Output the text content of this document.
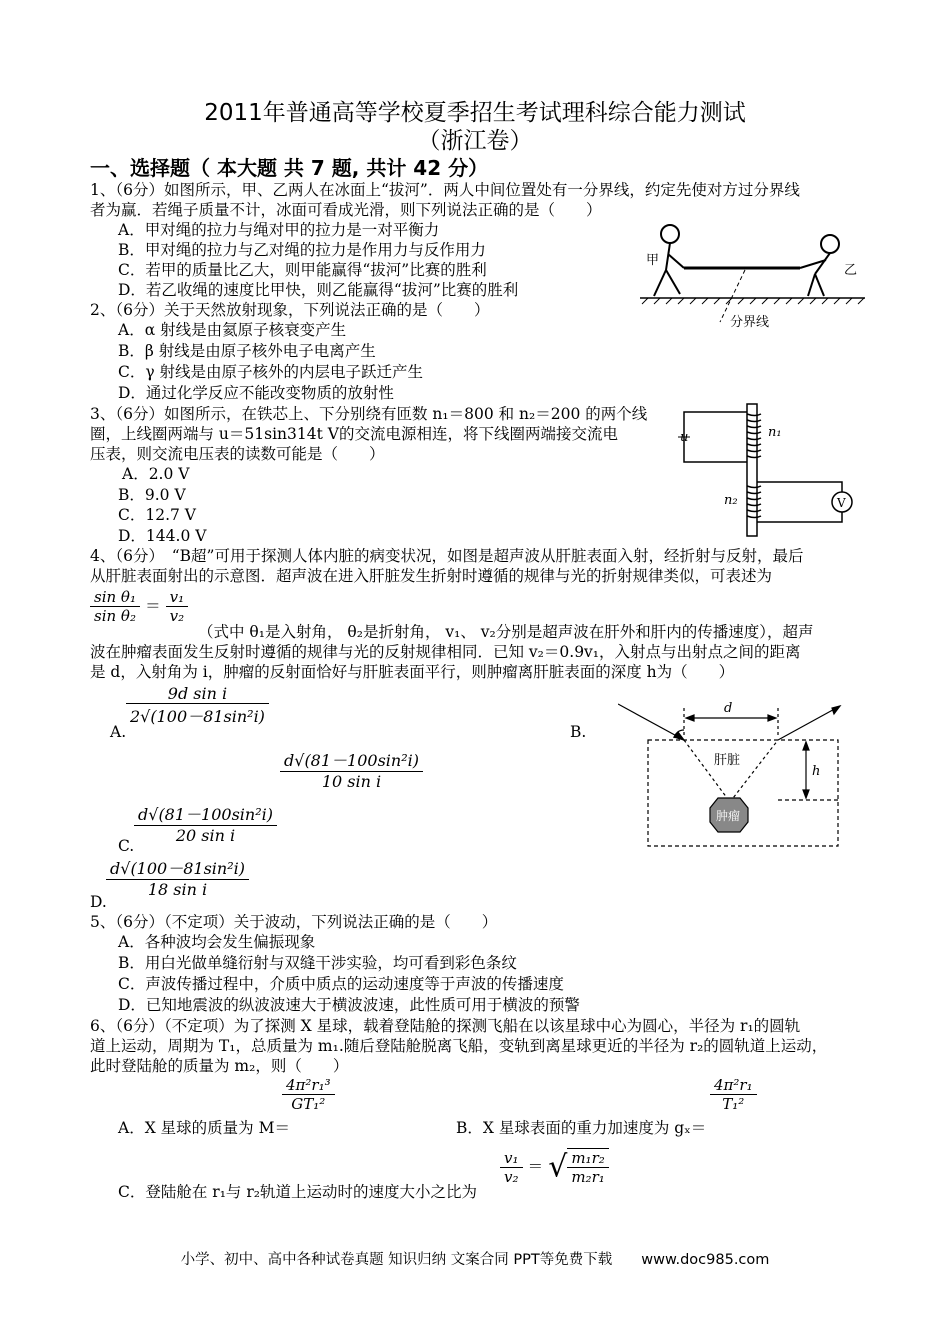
2011年普通高等学校夏季招生考试理科综合能力测试
（浙江卷）
一、选择题（ 本大题 共 7 题, 共计 42 分）
1、（6分）如图所示，甲、乙两人在冰面上“拔河”．两人中间位置处有一分界线，约定先使对方过分界线
者为赢．若绳子质量不计，冰面可看成光滑，则下列说法正确的是（　　）
A．甲对绳的拉力与绳对甲的拉力是一对平衡力
B．甲对绳的拉力与乙对绳的拉力是作用力与反作用力
C．若甲的质量比乙大，则甲能赢得“拔河”比赛的胜利
D．若乙收绳的速度比甲快，则乙能赢得“拔河”比赛的胜利
甲
乙
分界线
2、（6分）关于天然放射现象，下列说法正确的是（　　）
A．α 射线是由氦原子核衰变产生
B．β 射线是由原子核外电子电离产生
C．γ 射线是由原子核外的内层电子跃迁产生
D．通过化学反应不能改变物质的放射性
3、（6分）如图所示，在铁芯上、下分别绕有匝数 n₁＝800 和 n₂＝200 的两个线
圈，上线圈两端与 u＝51sin314t V的交流电源相连，将下线圈两端接交流电
压表，则交流电压表的读数可能是（　　）
A．2.0 V
B．9.0 V
C．12.7 V
D．144.0 V
u	n₁
n₂	V
4、（6分）　“B超”可用于探测人体内脏的病变状况，如图是超声波从肝脏表面入射，经折射与反射，最后
从肝脏表面射出的示意图．超声波在进入肝脏发生折射时遵循的规律与光的折射规律类似，可表述为
$\frac{\text{sin θ₁}}{\text{sin θ₂}} = \frac{\text{v₁}}{\text{v₂}}$
（式中 θ₁是入射角， θ₂是折射角， v₁、 v₂分别是超声波在肝外和肝内的传播速度），超声
波在肿瘤表面发生反射时遵循的规律与光的反射规律相同．已知 v₂＝0.9v₁，入射点与出射点之间的距离
是 d，入射角为 i，肿瘤的反射面恰好与肝脏表面平行，则肿瘤离肝脏表面的深度 h为（　　）
A.
$\frac{\text{9d sin i}}{\text{2√(100－81sin²i)}}$
B.
$\frac{\text{d√(81－100sin²i)}}{\text{10 sin i}}$
C.
$\frac{\text{d√(81－100sin²i)}}{\text{20 sin i}}$
D.
$\frac{\text{d√(100－81sin²i)}}{\text{18 sin i}}$
d
h
肝脏
肿瘤
5、（6分）（不定项）关于波动，下列说法正确的是（　　）
A．各种波均会发生偏振现象
B．用白光做单缝衍射与双缝干涉实验，均可看到彩色条纹
C．声波传播过程中，介质中质点的运动速度等于声波的传播速度
D．已知地震波的纵波波速大于横波波速，此性质可用于横波的预警
6、（6分）（不定项）为了探测 X 星球，载着登陆舱的探测飞船在以该星球中心为圆心，半径为 r₁的圆轨
道上运动，周期为 T₁，总质量为 m₁.随后登陆舱脱离飞船，变轨到离星球更近的半径为 r₂的圆轨道上运动，
此时登陆舱的质量为 m₂，则（　　）
A．X 星球的质量为 M＝
$\frac{\text{4π²r₁³}}{\text{GT₁²}}$
B．X 星球表面的重力加速度为 gₓ＝
$\frac{\text{4π²r₁}}{\text{T₁²}}$
C．登陆舱在 r₁与 r₂轨道上运动时的速度大小之比为
$\frac{\text{v₁}}{\text{v₂}}$ ＝ √ $\frac{\text{m₁r₂}}{\text{m₂r₁}}$
小学、初中、高中各种试卷真题 知识归纳 文案合同 PPT等免费下载　　www.doc985.com
